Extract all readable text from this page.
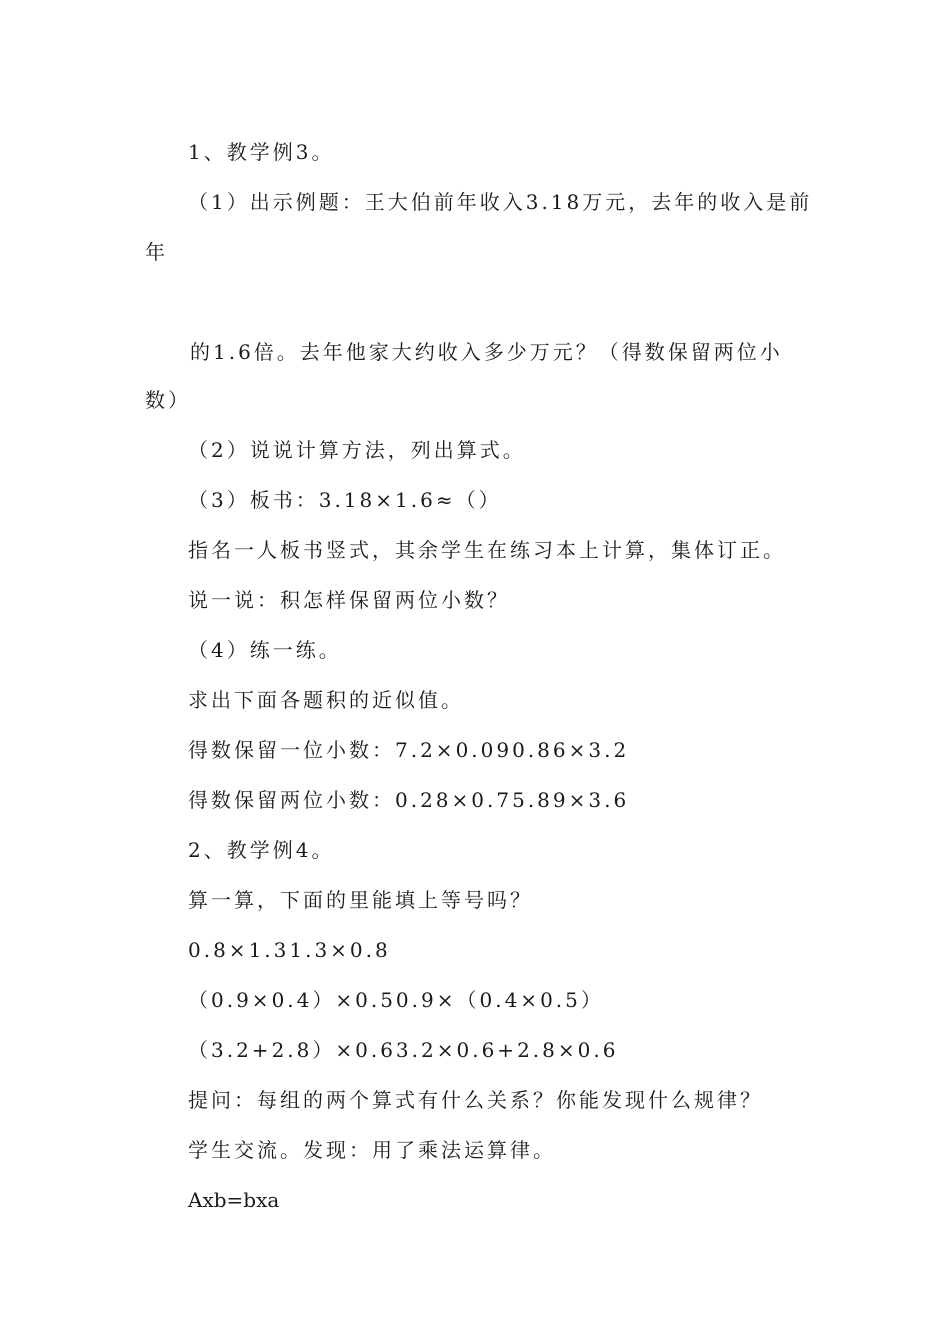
1、教学例3。
（1）出示例题：王大伯前年收入3.18万元，去年的收入是前
年
的1.6倍。去年他家大约收入多少万元？（得数保留两位小
数）
（2）说说计算方法，列出算式。
（3）板书：3.18×1.6≈（）
指名一人板书竖式，其余学生在练习本上计算，集体订正。
说一说：积怎样保留两位小数？
（4）练一练。
求出下面各题积的近似值。
得数保留一位小数：7.2×0.090.86×3.2
得数保留两位小数：0.28×0.75.89×3.6
2、教学例4。
算一算，下面的里能填上等号吗？
0.8×1.31.3×0.8
（0.9×0.4）×0.50.9×（0.4×0.5）
（3.2+2.8）×0.63.2×0.6+2.8×0.6
提问：每组的两个算式有什么关系？你能发现什么规律？
学生交流。发现：用了乘法运算律。
Axb=bxa
